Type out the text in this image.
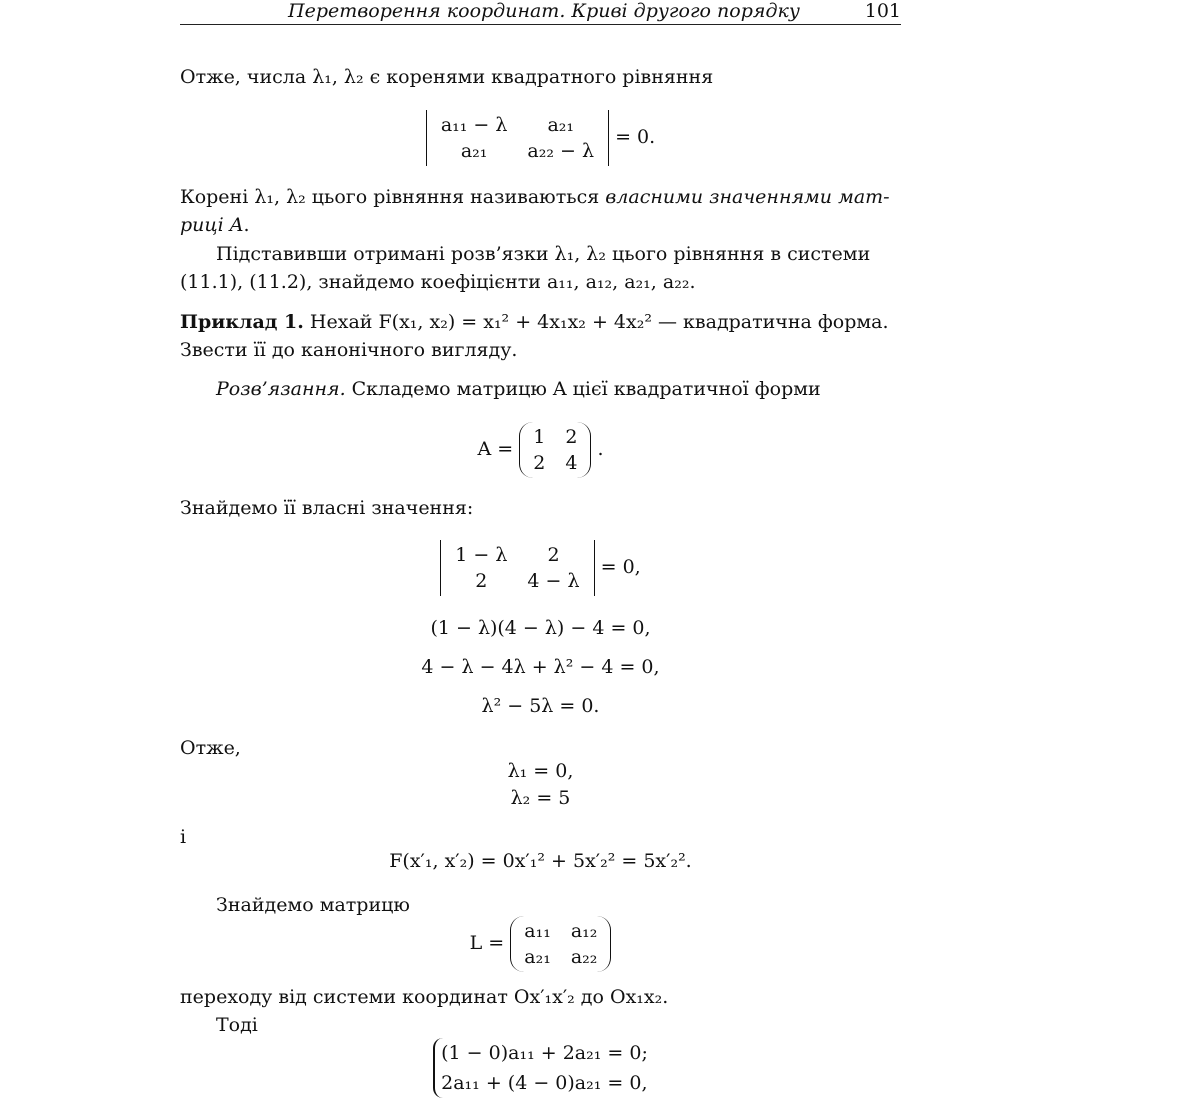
Перетворення координат. Криві другого порядку	101
Отже, числа λ₁, λ₂ є коренями квадратного рівняння
a₁₁ − λ	a₂₁
a₂₁	a₂₂ − λ
= 0.
Корені λ₁, λ₂ цього рівняння називаються власними значеннями мат-
риці A.
Підставивши отримані розв’язки λ₁, λ₂ цього рівняння в системи
(11.1), (11.2), знайдемо коефіцієнти a₁₁, a₁₂, a₂₁, a₂₂.
Приклад 1. Нехай F(x₁, x₂) = x₁² + 4x₁x₂ + 4x₂² — квадратична форма.
Звести її до канонічного вигляду.
Розв’язання. Складемо матрицю A цієї квадратичної форми
A =
1	2
2	4
.
Знайдемо її власні значення:
1 − λ	2
2	4 − λ
= 0,
(1 − λ)(4 − λ) − 4 = 0,
4 − λ − 4λ + λ² − 4 = 0,
λ² − 5λ = 0.
Отже,
λ₁ = 0,
λ₂ = 5
і
F(x′₁, x′₂) = 0x′₁² + 5x′₂² = 5x′₂².
Знайдемо матрицю
L =
a₁₁	a₁₂
a₂₁	a₂₂
переходу від системи координат Ox′₁x′₂ до Ox₁x₂.
Тоді
(1 − 0)a₁₁ + 2a₂₁ = 0;
2a₁₁ + (4 − 0)a₂₁ = 0,
